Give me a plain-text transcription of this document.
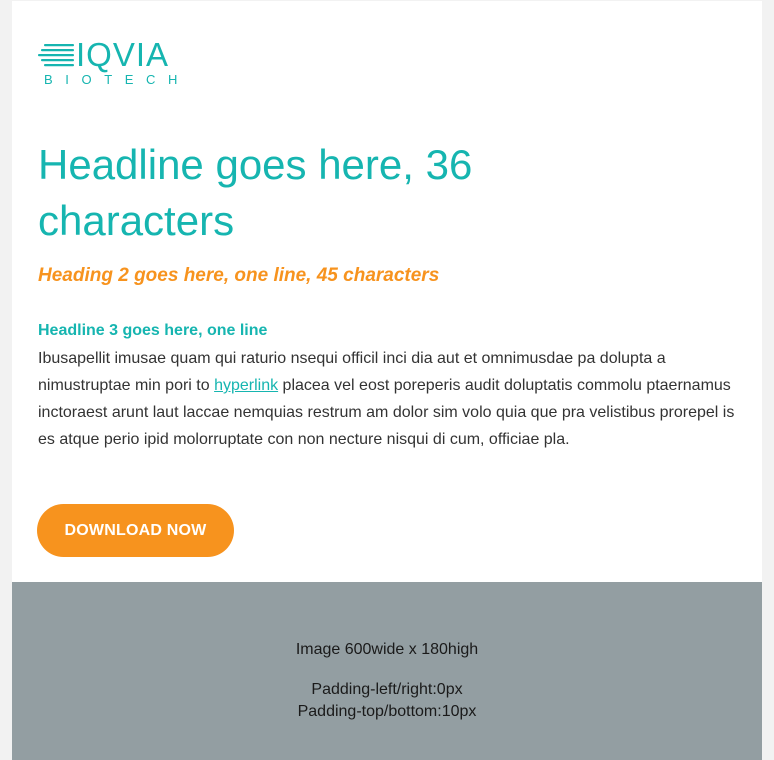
IQVIA
BIOTECH
Headline goes here, 36 characters
Heading 2 goes here, one line, 45 characters
Headline 3 goes here, one line

Ibusapellit imusae quam qui raturio nsequi officil inci dia aut et omnimusdae pa dolupta a nimustruptae min pori to hyperlink placea vel eost poreperis audit doluptatis commolu ptaernamus inctoraest arunt laut laccae nemquias restrum am dolor sim volo quia que pra velistibus prorepel is es atque perio ipid molorruptate con non necture nisqui di cum, officiae pla.

DOWNLOAD NOW
Image 600wide x 180high
Padding-left/right:0px
Padding-top/bottom:10px
